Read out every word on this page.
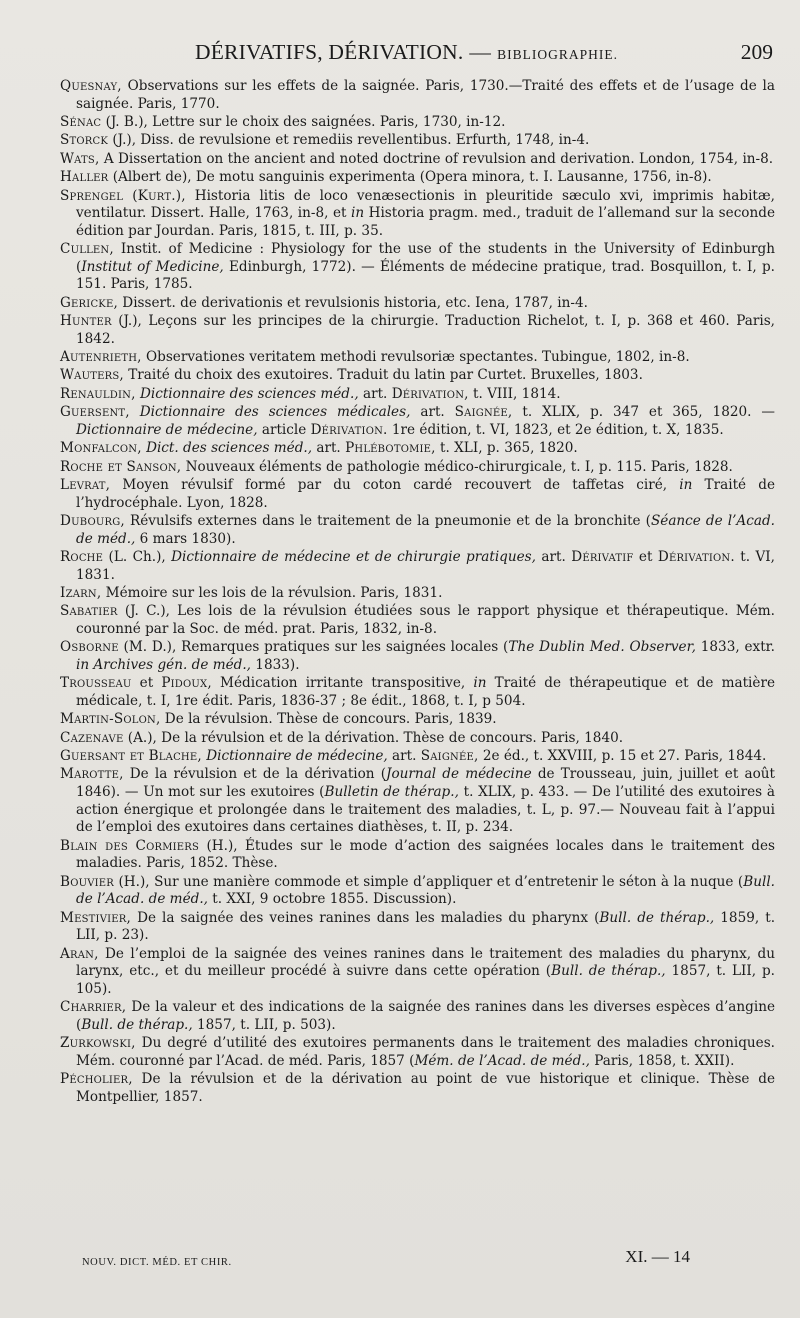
DÉRIVATIFS, DÉRIVATION. — BIBLIOGRAPHIE.	209
Quesnay, Observations sur les effets de la saignée. Paris, 1730.—Traité des effets et de l’usage de la saignée. Paris, 1770.
Sénac (J. B.), Lettre sur le choix des saignées. Paris, 1730, in-12.
Storck (J.), Diss. de revulsione et remediis revellentibus. Erfurth, 1748, in-4.
Wats, A Dissertation on the ancient and noted doctrine of revulsion and derivation. London, 1754, in-8.
Haller (Albert de), De motu sanguinis experimenta (Opera minora, t. I. Lausanne, 1756, in-8).
Sprengel (Kurt.), Historia litis de loco venæsectionis in pleuritide sæculo xvi, imprimis habitæ, ventilatur. Dissert. Halle, 1763, in-8, et in Historia pragm. med., traduit de l’allemand sur la seconde édition par Jourdan. Paris, 1815, t. III, p. 35.
Cullen, Instit. of Medicine : Physiology for the use of the students in the University of Edinburgh (Institut of Medicine, Edinburgh, 1772). — Éléments de médecine pratique, trad. Bosquillon, t. I, p. 151. Paris, 1785.
Gericke, Dissert. de derivationis et revulsionis historia, etc. Iena, 1787, in-4.
Hunter (J.), Leçons sur les principes de la chirurgie. Traduction Richelot, t. I, p. 368 et 460. Paris, 1842.
Autenrieth, Observationes veritatem methodi revulsoriæ spectantes. Tubingue, 1802, in-8.
Wauters, Traité du choix des exutoires. Traduit du latin par Curtet. Bruxelles, 1803.
Renauldin, Dictionnaire des sciences méd., art. Dérivation, t. VIII, 1814.
Guersent, Dictionnaire des sciences médicales, art. Saignée, t. XLIX, p. 347 et 365, 1820. — Dictionnaire de médecine, article Dérivation. 1re édition, t. VI, 1823, et 2e édition, t. X, 1835.
Monfalcon, Dict. des sciences méd., art. Phlébotomie, t. XLI, p. 365, 1820.
Roche et Sanson, Nouveaux éléments de pathologie médico-chirurgicale, t. I, p. 115. Paris, 1828.
Levrat, Moyen révulsif formé par du coton cardé recouvert de taffetas ciré, in Traité de l’hydrocéphale. Lyon, 1828.
Dubourg, Révulsifs externes dans le traitement de la pneumonie et de la bronchite (Séance de l’Acad. de méd., 6 mars 1830).
Roche (L. Ch.), Dictionnaire de médecine et de chirurgie pratiques, art. Dérivatif et Dérivation. t. VI, 1831.
Izarn, Mémoire sur les lois de la révulsion. Paris, 1831.
Sabatier (J. C.), Les lois de la révulsion étudiées sous le rapport physique et thérapeutique. Mém. couronné par la Soc. de méd. prat. Paris, 1832, in-8.
Osborne (M. D.), Remarques pratiques sur les saignées locales (The Dublin Med. Observer, 1833, extr. in Archives gén. de méd., 1833).
Trousseau et Pidoux, Médication irritante transpositive, in Traité de thérapeutique et de matière médicale, t. I, 1re édit. Paris, 1836-37 ; 8e édit., 1868, t. I, p 504.
Martin-Solon, De la révulsion. Thèse de concours. Paris, 1839.
Cazenave (A.), De la révulsion et de la dérivation. Thèse de concours. Paris, 1840.
Guersant et Blache, Dictionnaire de médecine, art. Saignée, 2e éd., t. XXVIII, p. 15 et 27. Paris, 1844.
Marotte, De la révulsion et de la dérivation (Journal de médecine de Trousseau, juin, juillet et août 1846). — Un mot sur les exutoires (Bulletin de thérap., t. XLIX, p. 433. — De l’utilité des exutoires à action énergique et prolongée dans le traitement des maladies, t. L, p. 97.— Nouveau fait à l’appui de l’emploi des exutoires dans certaines diathèses, t. II, p. 234.
Blain des Cormiers (H.), Études sur le mode d’action des saignées locales dans le traitement des maladies. Paris, 1852. Thèse.
Bouvier (H.), Sur une manière commode et simple d’appliquer et d’entretenir le séton à la nuque (Bull. de l’Acad. de méd., t. XXI, 9 octobre 1855. Discussion).
Mestivier, De la saignée des veines ranines dans les maladies du pharynx (Bull. de thérap., 1859, t. LII, p. 23).
Aran, De l’emploi de la saignée des veines ranines dans le traitement des maladies du pharynx, du larynx, etc., et du meilleur procédé à suivre dans cette opération (Bull. de thérap., 1857, t. LII, p. 105).
Charrier, De la valeur et des indications de la saignée des ranines dans les diverses espèces d’angine (Bull. de thérap., 1857, t. LII, p. 503).
Zurkowski, Du degré d’utilité des exutoires permanents dans le traitement des maladies chroniques. Mém. couronné par l’Acad. de méd. Paris, 1857 (Mém. de l’Acad. de méd., Paris, 1858, t. XXII).
Pécholier, De la révulsion et de la dérivation au point de vue historique et clinique. Thèse de Montpellier, 1857.
NOUV. DICT. MÉD. ET CHIR.	XI. — 14
